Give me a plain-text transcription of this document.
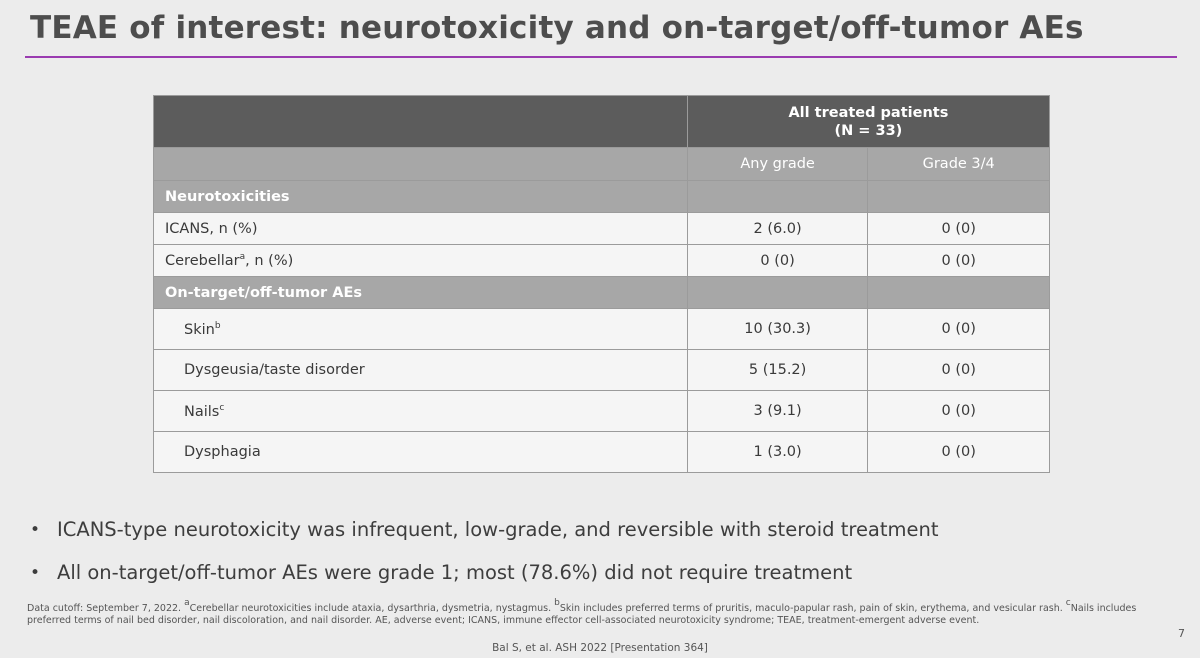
TEAE of interest: neurotoxicity and on-target/off-tumor AEs

	All treated patients
(N = 33)	

	Any grade	Grade 3/4
Neurotoxicities		
ICANS, n (%)	2 (6.0)	0 (0)
Cerebellar$^a$, n (%)	0 (0)	0 (0)
On-target/off-tumor AEs		
Skin$^b$	10 (30.3)	0 (0)
Dysgeusia/taste disorder	5 (15.2)	0 (0)
Nails$^c$	3 (9.1)	0 (0)
Dysphagia	1 (3.0)	0 (0)
• ICANS-type neurotoxicity was infrequent, low-grade, and reversible with steroid treatment
• All on-target/off-tumor AEs were grade 1; most (78.6%) did not require treatment
Data cutoff: September 7, 2022. $^a$Cerebellar neurotoxicities include ataxia, dysarthria, dysmetria, nystagmus. $^b$Skin includes preferred terms of pruritis, maculo-papular rash, pain of skin, erythema, and vesicular rash. $^c$Nails includes preferred terms of nail bed disorder, nail discoloration, and nail disorder. AE, adverse event; ICANS, immune effector cell-associated neurotoxicity syndrome; TEAE, treatment-emergent adverse event.
7
Bal S, et al. ASH 2022 [Presentation 364]
